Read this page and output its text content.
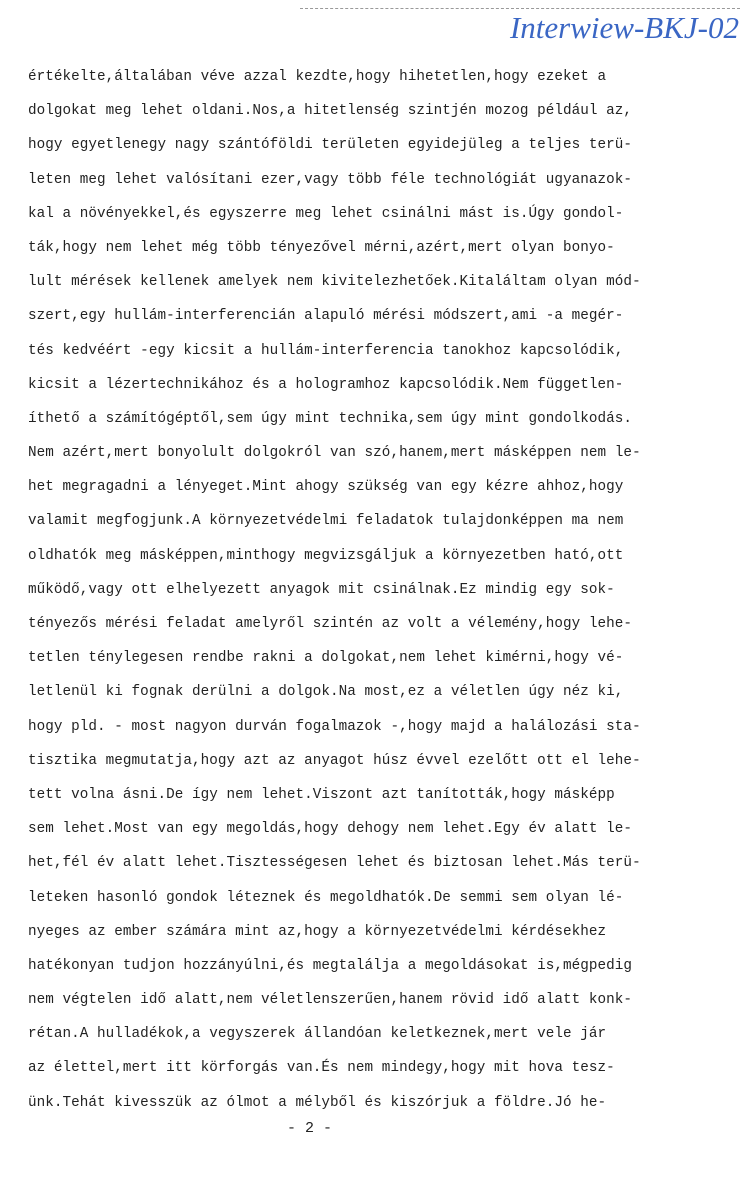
Interwiew-BKJ-02
értékelte,általában véve azzal kezdte,hogy hihetetlen,hogy ezeket a
dolgokat meg lehet oldani.Nos,a hitetlenség szintjén mozog például az,
hogy egyetlenegy nagy szántóföldi területen egyidejüleg a teljes terü-
leten meg lehet valósítani ezer,vagy több féle technológiát ugyanazok-
kal a növényekkel,és egyszerre meg lehet csinálni mást is.Úgy gondol-
ták,hogy nem lehet még több tényezővel mérni,azért,mert olyan bonyo-
lult mérések kellenek amelyek nem kivitelezhetőek.Kitaláltam olyan mód-
szert,egy hullám-interferencián alapuló mérési módszert,ami -a megér-
tés kedvéért -egy kicsit a hullám-interferencia tanokhoz kapcsolódik,
kicsit a lézertechnikához és a hologramhoz kapcsolódik.Nem független-
íthető a számítógéptől,sem úgy mint technika,sem úgy mint gondolkodás.
Nem azért,mert bonyolult dolgokról van szó,hanem,mert másképpen nem le-
het megragadni a lényeget.Mint ahogy szükség van egy kézre ahhoz,hogy
valamit megfogjunk.A környezetvédelmi feladatok tulajdonképpen ma nem
oldhatók meg másképpen,minthogy megvizsgáljuk a környezetben ható,ott
működő,vagy ott elhelyezett anyagok mit csinálnak.Ez mindig egy sok-
tényezős mérési feladat amelyről szintén az volt a vélemény,hogy lehe-
tetlen ténylegesen rendbe rakni a dolgokat,nem lehet kimérni,hogy vé-
letlenül ki fognak derülni a dolgok.Na most,ez a véletlen úgy néz ki,
hogy pld. - most nagyon durván fogalmazok -,hogy majd a halálozási sta-
tisztika megmutatja,hogy azt az anyagot húsz évvel ezelőtt ott el lehe-
tett volna ásni.De így nem lehet.Viszont azt tanították,hogy másképp
sem lehet.Most van egy megoldás,hogy dehogy nem lehet.Egy év alatt le-
het,fél év alatt lehet.Tisztességesen lehet és biztosan lehet.Más terü-
leteken hasonló gondok léteznek és megoldhatók.De semmi sem olyan lé-
nyeges az ember számára mint az,hogy a környezetvédelmi kérdésekhez
hatékonyan tudjon hozzányúlni,és megtalálja a megoldásokat is,mégpedig
nem végtelen idő alatt,nem véletlenszerűen,hanem rövid idő alatt konk-
rétan.A hulladékok,a vegyszerek állandóan keletkeznek,mert vele jár
az élettel,mert itt körforgás van.És nem mindegy,hogy mit hova tesz-
ünk.Tehát kivesszük az ólmot a mélyből és kiszórjuk a földre.Jó he-
- 2 -
